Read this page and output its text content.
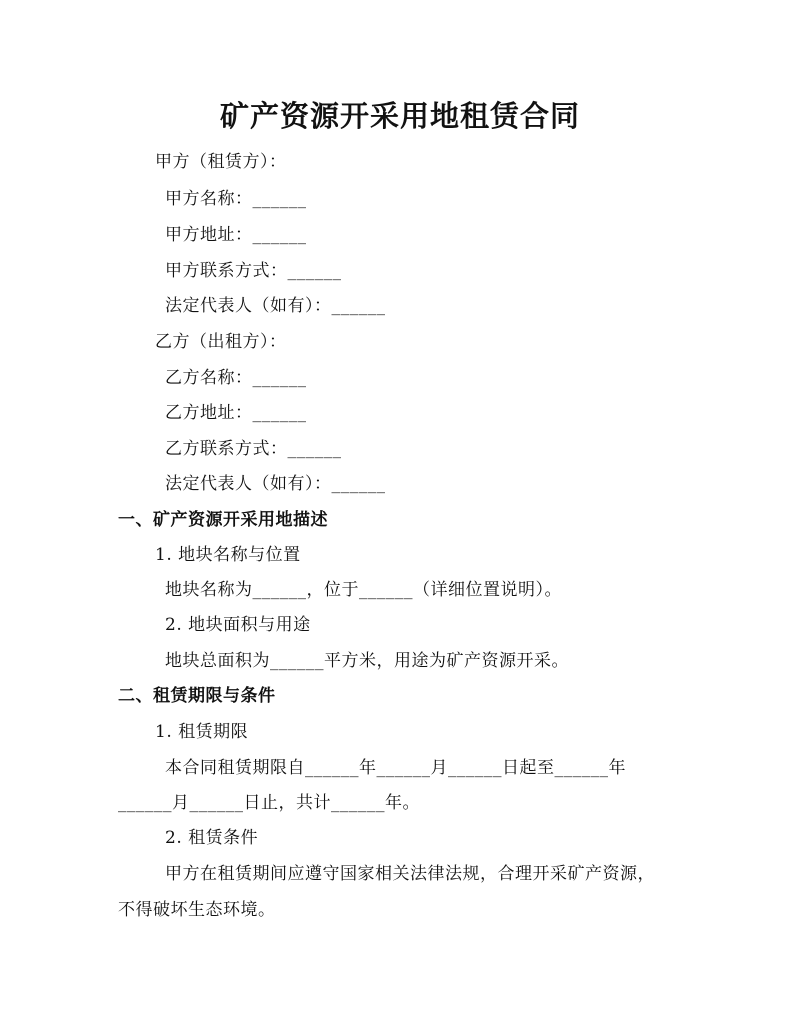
矿产资源开采用地租赁合同
甲方（租赁方）：
甲方名称：______
甲方地址：______
甲方联系方式：______
法定代表人（如有）：______
乙方（出租方）：
乙方名称：______
乙方地址：______
乙方联系方式：______
法定代表人（如有）：______
一、矿产资源开采用地描述
1. 地块名称与位置
地块名称为______，位于______（详细位置说明）。
2. 地块面积与用途
地块总面积为______平方米，用途为矿产资源开采。
二、租赁期限与条件
1. 租赁期限
本合同租赁期限自______年______月______日起至______年
______月______日止，共计______年。
2. 租赁条件
甲方在租赁期间应遵守国家相关法律法规，合理开采矿产资源，
不得破坏生态环境。
